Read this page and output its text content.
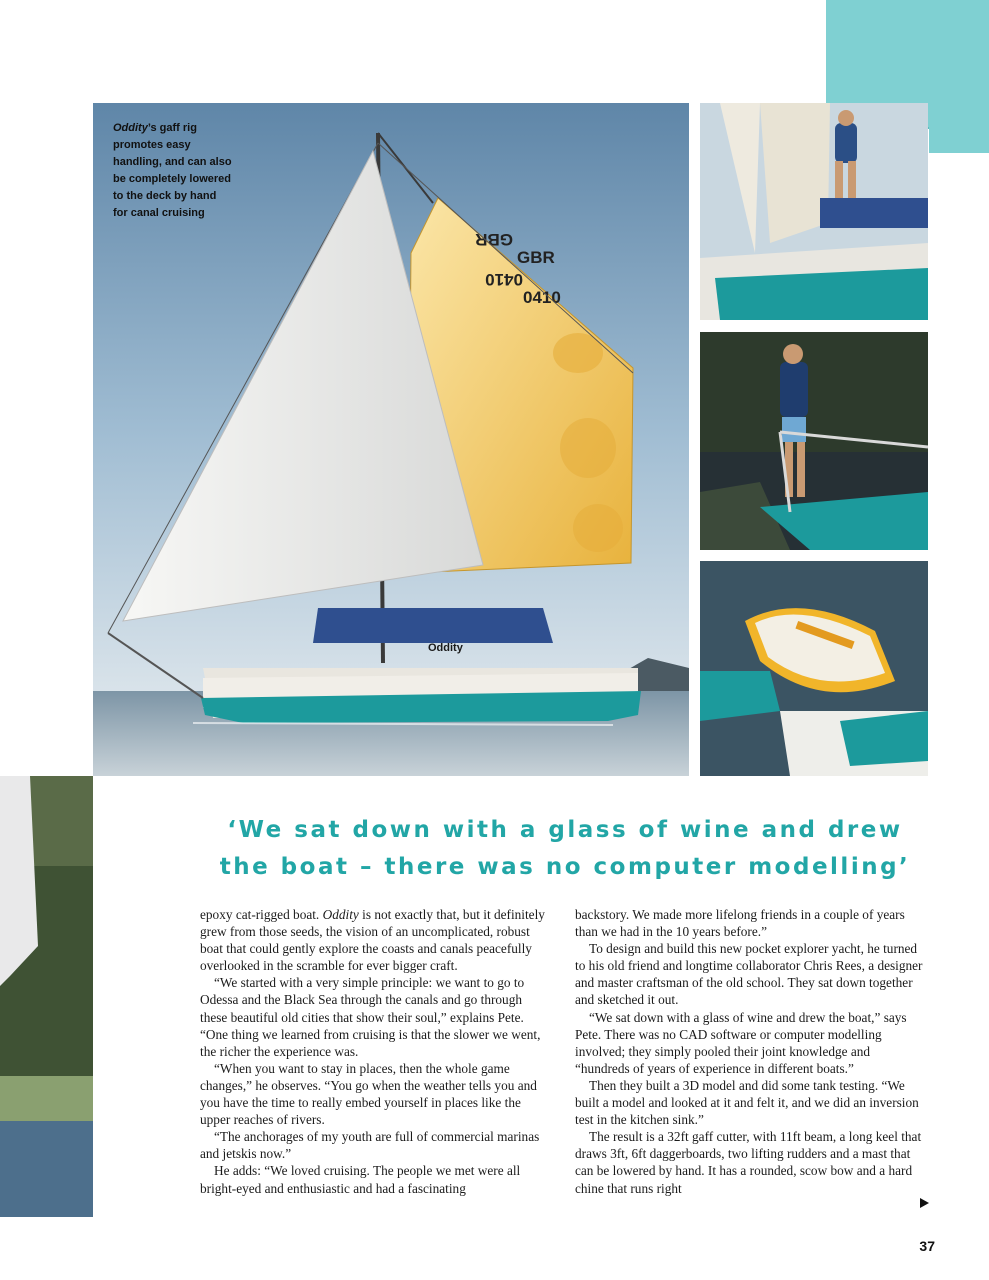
GBR
GBR
0410
0410
Oddity
Oddity’s gaff rig promotes easy handling, and can also be completely lowered to the deck by hand for canal cruising
‘We sat down with a glass of wine and drew the boat – there was no computer modelling’

epoxy cat-rigged boat. Oddity is not exactly that, but it definitely grew from those seeds, the vision of an uncomplicated, robust boat that could gently explore the coasts and canals peacefully overlooked in the scramble for ever bigger craft.

“We started with a very simple principle: we want to go to Odessa and the Black Sea through the canals and go through these beautiful old cities that show their soul,” explains Pete. “One thing we learned from cruising is that the slower we went, the richer the experience was.

“When you want to stay in places, then the whole game changes,” he observes. “You go when the weather tells you and you have the time to really embed yourself in places like the upper reaches of rivers.

“The anchorages of my youth are full of commercial marinas and jetskis now.”

He adds: “We loved cruising. The people we met were all bright-eyed and enthusiastic and had a fascinating

backstory. We made more lifelong friends in a couple of years than we had in the 10 years before.”

To design and build this new pocket explorer yacht, he turned to his old friend and longtime collaborator Chris Rees, a designer and master craftsman of the old school. They sat down together and sketched it out.

“We sat down with a glass of wine and drew the boat,” says Pete. There was no CAD software or computer modelling involved; they simply pooled their joint knowledge and “hundreds of years of experience in different boats.”

Then they built a 3D model and did some tank testing. “We built a model and looked at it and felt it, and we did an inversion test in the kitchen sink.”

The result is a 32ft gaff cutter, with 11ft beam, a long keel that draws 3ft, 6ft daggerboards, two lifting rudders and a mast that can be lowered by hand. It has a rounded, scow bow and a hard chine that runs right

37
